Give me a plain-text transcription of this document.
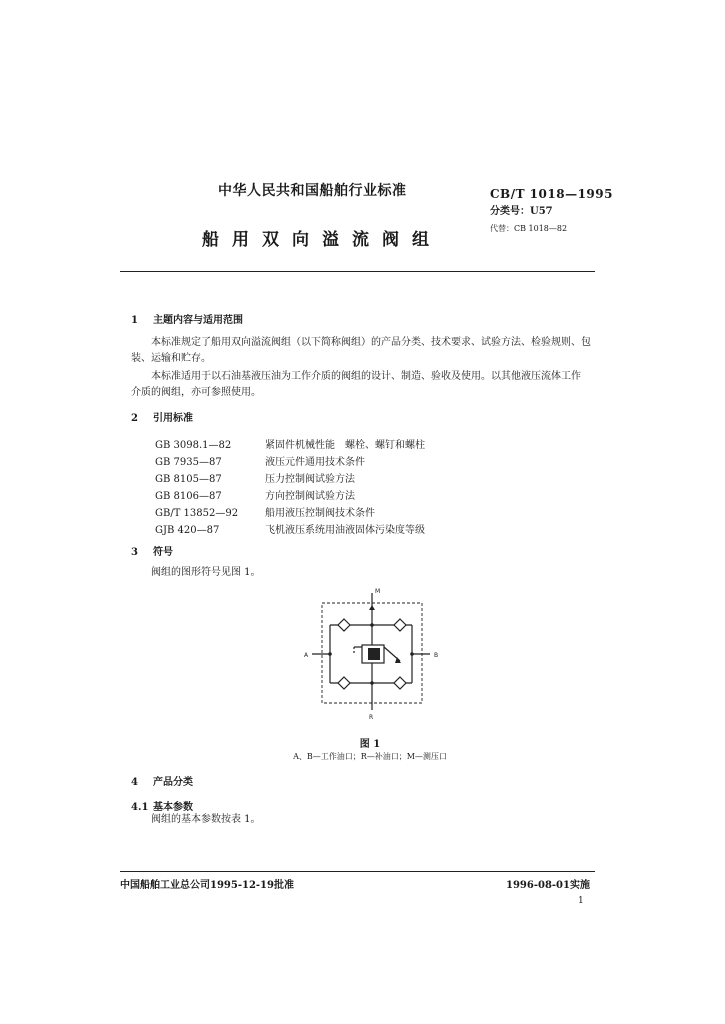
中华人民共和国船舶行业标准
船用双向溢流阀组
CB/T 1018—1995
分类号：U57
代替：CB 1018—82
1 主题内容与适用范围
本标准规定了船用双向溢流阀组（以下简称阀组）的产品分类、技术要求、试验方法、检验规则、包
装、运输和贮存。
本标准适用于以石油基液压油为工作介质的阀组的设计、制造、验收及使用。以其他液压流体工作
介质的阀组，亦可参照使用。
2 引用标准
GB 3098.1—82	紧固件机械性能　螺栓、螺钉和螺柱
GB 7935—87	液压元件通用技术条件
GB 8105—87	压力控制阀试验方法
GB 8106—87	方向控制阀试验方法
GB/T 13852—92	船用液压控制阀技术条件
GJB 420—87	飞机液压系统用油液固体污染度等级
3 符号
阀组的图形符号见图 1。
M
A	B
R
图 1
A、B—工作油口；R—补油口；M—测压口
4 产品分类
4.1 基本参数
阀组的基本参数按表 1。
中国船舶工业总公司1995-12-19批准	1996-08-01实施
1
